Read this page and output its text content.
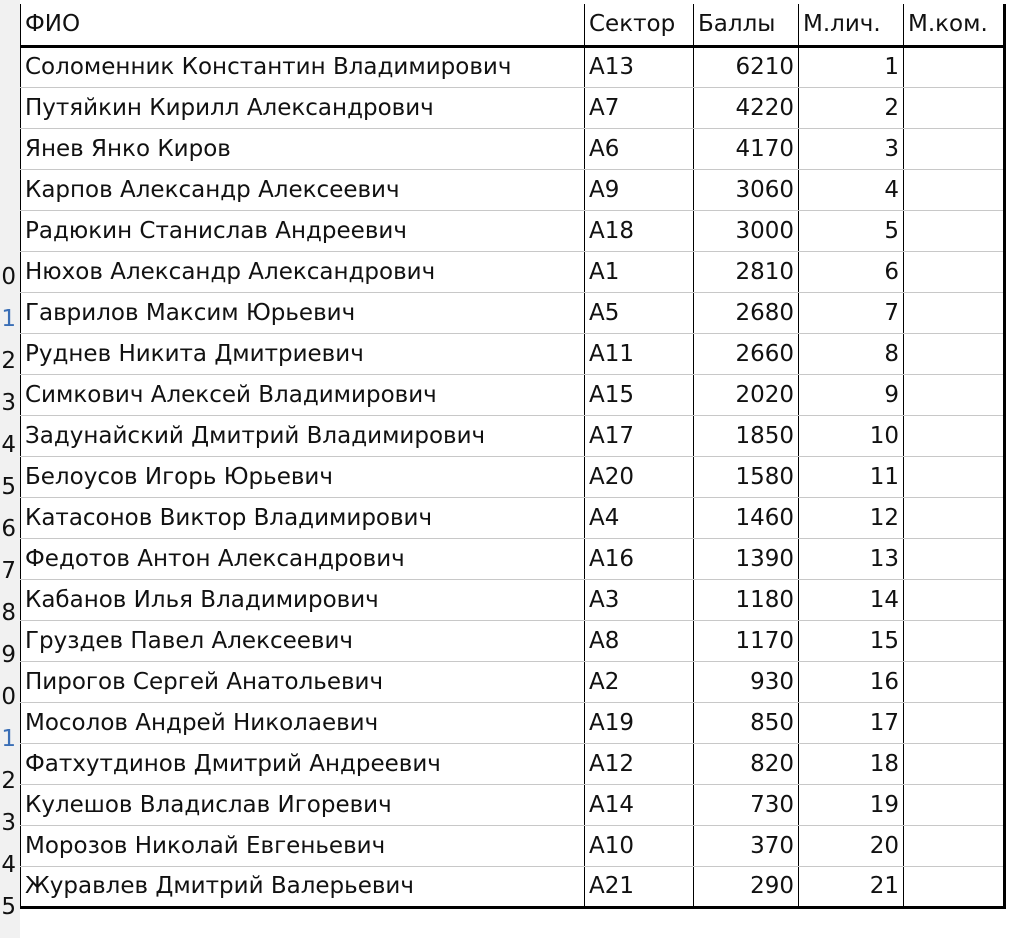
0
1
2
3
4
5
6
7
8
9
0
1
2
3
4
5
ФИО	Сектор	Баллы	М.лич.	М.ком.
Соломенник Константин Владимирович	А13	6210	1	
Путяйкин Кирилл Александрович	А7	4220	2	
Янев Янко Киров	А6	4170	3	
Карпов Александр Алексеевич	А9	3060	4	
Радюкин Станислав Андреевич	А18	3000	5	
Нюхов Александр Александрович	А1	2810	6	
Гаврилов Максим Юрьевич	А5	2680	7	
Руднев Никита Дмитриевич	А11	2660	8	
Симкович Алексей Владимирович	А15	2020	9	
Задунайский Дмитрий Владимирович	А17	1850	10	
Белоусов Игорь Юрьевич	А20	1580	11	
Катасонов Виктор Владимирович	А4	1460	12	
Федотов Антон Александрович	А16	1390	13	
Кабанов Илья Владимирович	А3	1180	14	
Груздев Павел Алексеевич	А8	1170	15	
Пирогов Сергей Анатольевич	А2	930	16	
Мосолов Андрей Николаевич	А19	850	17	
Фатхутдинов Дмитрий Андреевич	А12	820	18	
Кулешов Владислав Игоревич	А14	730	19	
Морозов Николай Евгеньевич	А10	370	20	
Журавлев Дмитрий Валерьевич	А21	290	21	
